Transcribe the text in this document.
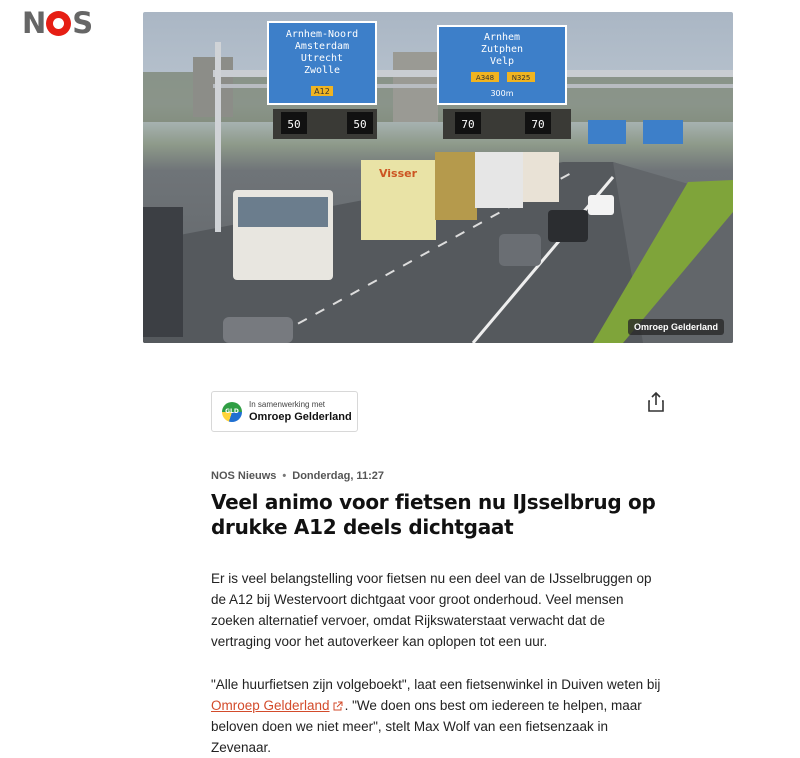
N S	Arnhem-Noord
Amsterdam
Utrecht
Zwolle
A12
Arnhem
Zutphen
Velp
A348	N325
300m
50	50	70	70
Visser
Omroep Gelderland
GLD
In samenwerking met
Omroep Gelderland
NOS Nieuws • Donderdag, 11:27
Veel animo voor fietsen nu IJsselbrug op drukke A12 deels dichtgaat

Er is veel belangstelling voor fietsen nu een deel van de IJsselbruggen op de A12 bij Westervoort dichtgaat voor groot onderhoud. Veel mensen zoeken alternatief vervoer, omdat Rijkswaterstaat verwacht dat de vertraging voor het autoverkeer kan oplopen tot een uur.

"Alle huurfietsen zijn volgeboekt", laat een fietsenwinkel in Duiven weten bij Omroep Gelderland . "We doen ons best om iedereen te helpen, maar beloven doen we niet meer", stelt Max Wolf van een fietsenzaak in Zevenaar.
